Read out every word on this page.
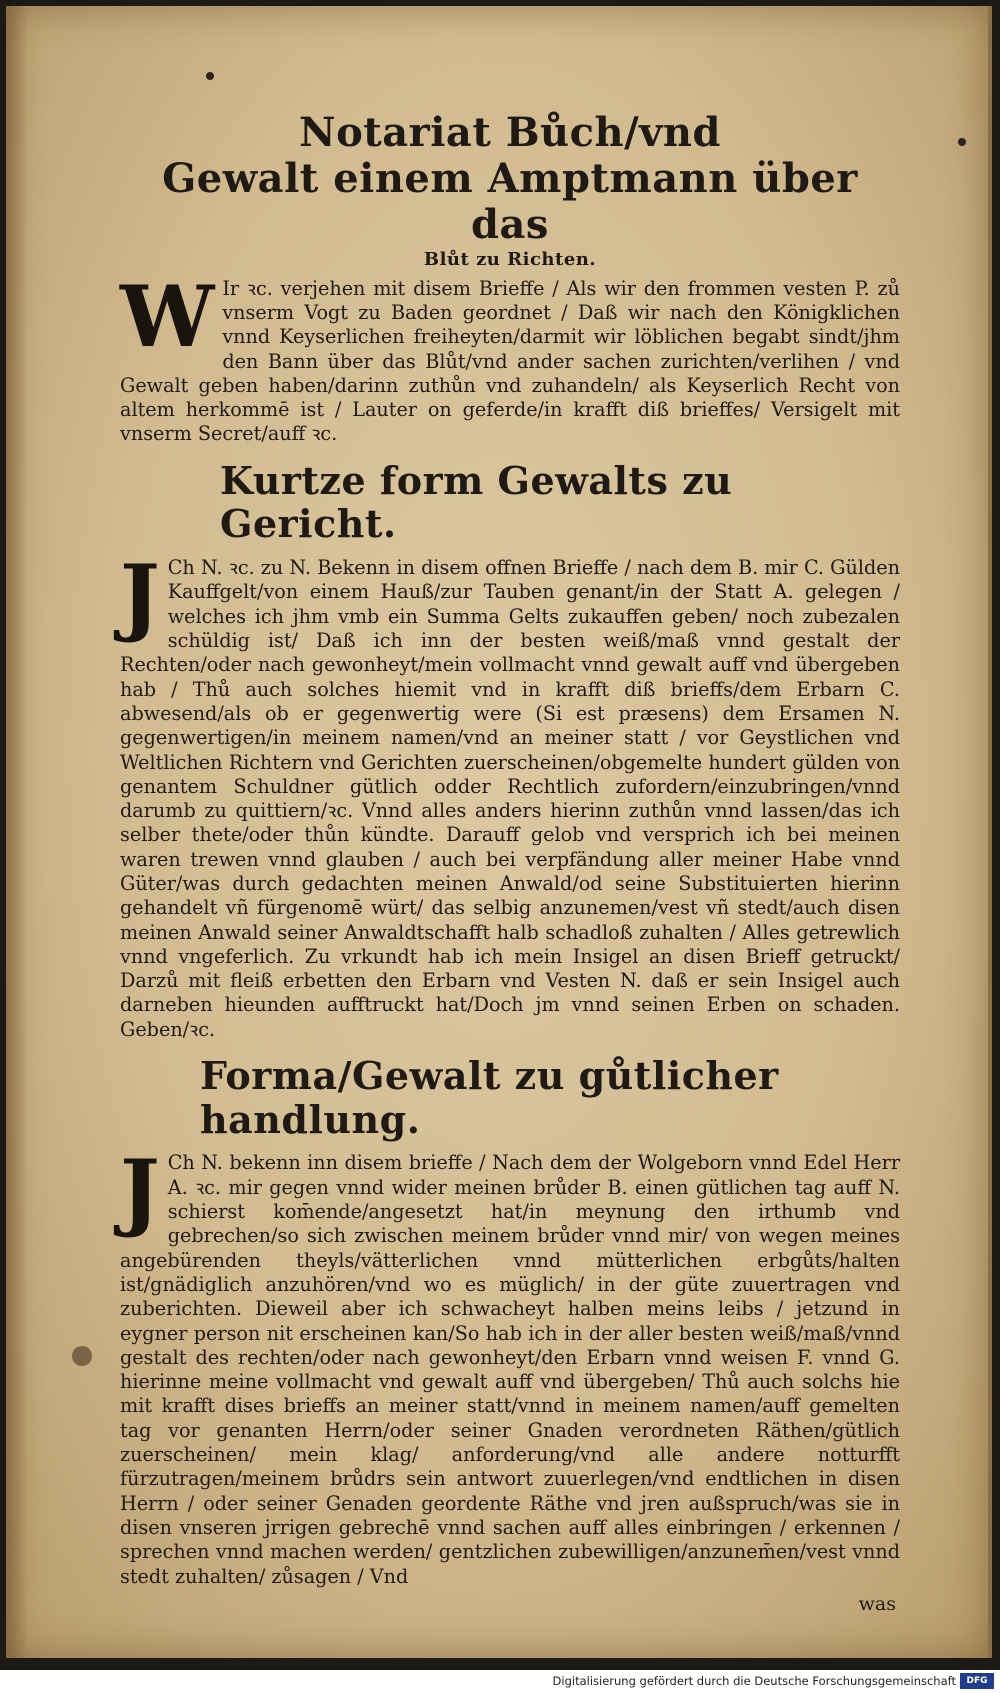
Notariat Bůch/vnd
Gewalt einem Amptmann über das
Blůt zu Richten.

W Ir ꝛc. verjehen mit disem Brieffe / Als wir den frommen vesten P. zů vnserm Vogt zu Baden geordnet / Daß wir nach den Königklichen vnnd Keyserlichen freiheyten/darmit wir löblichen begabt sindt/jhm den Bann über das Blůt/vnd ander sachen zurichten/verlihen / vnd Gewalt geben haben/darinn zuthůn vnd zuhandeln/ als Keyserlich Recht von altem herkommē ist / Lauter on geferde/in krafft diß brieffes/ Versigelt mit vnserm Secret/auff ꝛc.

Kurtze form Gewalts zu Gericht.

J Ch N. ꝛc. zu N. Bekenn in disem offnen Brieffe / nach dem B. mir C. Gülden Kauffgelt/von einem Hauß/zur Tauben genant/in der Statt A. gelegen / welches ich jhm vmb ein Summa Gelts zukauffen geben/ noch zubezalen schüldig ist/ Daß ich inn der besten weiß/maß vnnd gestalt der Rechten/oder nach gewonheyt/mein vollmacht vnnd gewalt auff vnd übergeben hab / Thů auch solches hiemit vnd in krafft diß brieffs/dem Erbarn C. abwesend/als ob er gegenwertig were (Si est præsens) dem Ersamen N. gegenwertigen/in meinem namen/vnd an meiner statt / vor Geystlichen vnd Weltlichen Richtern vnd Gerichten zuerscheinen/obgemelte hundert gülden von genantem Schuldner gütlich odder Rechtlich zufordern/einzubringen/vnnd darumb zu quittiern/ꝛc. Vnnd alles anders hierinn zuthůn vnnd lassen/das ich selber thete/oder thůn kündte. Darauff gelob vnd versprich ich bei meinen waren trewen vnnd glauben / auch bei verpfändung aller meiner Habe vnnd Güter/was durch gedachten meinen Anwald/od seine Substituierten hierinn gehandelt vñ fürgenomē würt/ das selbig anzunemen/vest vñ stedt/auch disen meinen Anwald seiner Anwaldtschafft halb schadloß zuhalten / Alles getrewlich vnnd vngeferlich. Zu vrkundt hab ich mein Insigel an disen Brieff getruckt/ Darzů mit fleiß erbetten den Erbarn vnd Vesten N. daß er sein Insigel auch darneben hieunden aufftruckt hat/Doch jm vnnd seinen Erben on schaden. Geben/ꝛc.

Forma/Gewalt zu gůtlicher handlung.

J Ch N. bekenn inn disem brieffe / Nach dem der Wolgeborn vnnd Edel Herr A. ꝛc. mir gegen vnnd wider meinen brůder B. einen gütlichen tag auff N. schierst kom̄ende/angesetzt hat/in meynung den irthumb vnd gebrechen/so sich zwischen meinem brůder vnnd mir/ von wegen meines angebürenden theyls/vätterlichen vnnd mütterlichen erbgůts/halten ist/gnädiglich anzuhören/vnd wo es müglich/ in der güte zuuertragen vnd zuberichten. Dieweil aber ich schwacheyt halben meins leibs / jetzund in eygner person nit erscheinen kan/So hab ich in der aller besten weiß/maß/vnnd gestalt des rechten/oder nach gewonheyt/den Erbarn vnnd weisen F. vnnd G. hierinne meine vollmacht vnd gewalt auff vnd übergeben/ Thů auch solchs hie mit krafft dises brieffs an meiner statt/vnnd in meinem namen/auff gemelten tag vor genanten Herrn/oder seiner Gnaden verordneten Räthen/gütlich zuerscheinen/ mein klag/ anforderung/vnd alle andere notturfft fürzutragen/meinem brůdrs sein antwort zuuerlegen/vnd endtlichen in disen Herrn / oder seiner Genaden geordente Räthe vnd jren außspruch/was sie in disen vnseren jrrigen gebrechē vnnd sachen auff alles einbringen / erkennen / sprechen vnnd machen werden/ gentzlichen zubewilligen/anzunem̄en/vest vnnd stedt zuhalten/ zůsagen / Vnd

was
Digitalisierung gefördert durch die Deutsche Forschungsgemeinschaft	DFG
